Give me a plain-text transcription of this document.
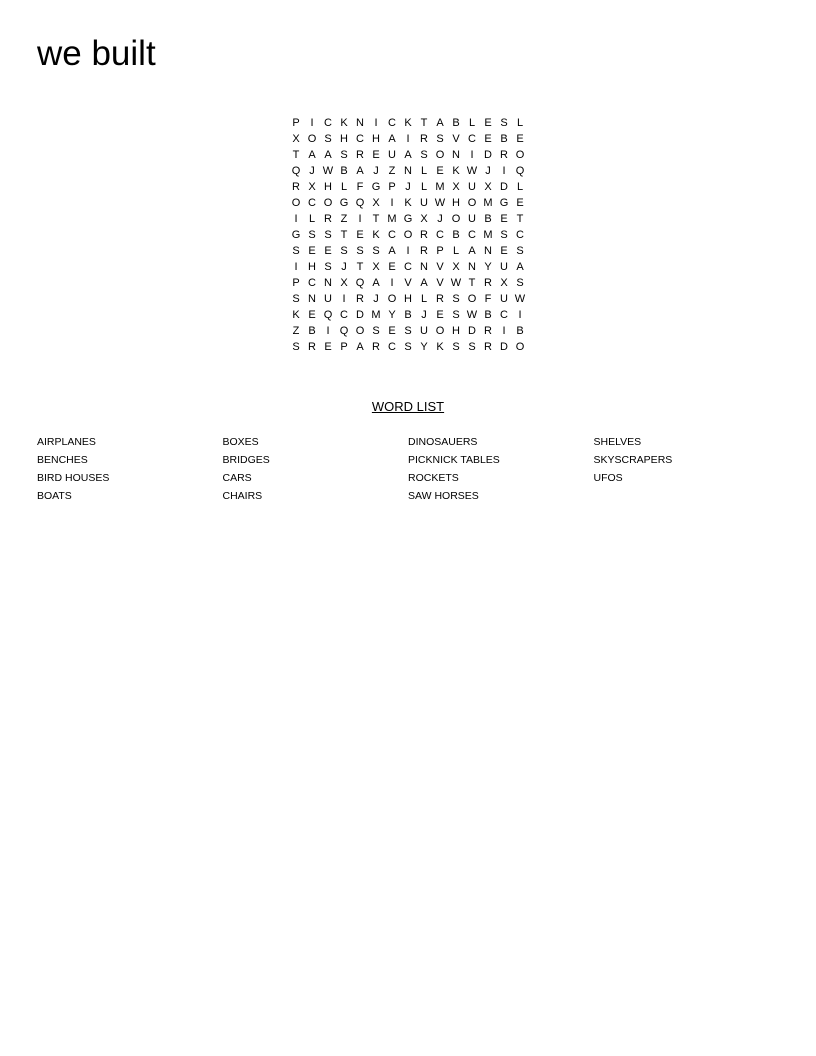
we built
P I C K N I C K T A B L E S L
X O S H C H A I R S V C E B E
T A A S R E U A S O N I D R O
Q J W B A J Z N L E K W J	I Q
R X H L F G P J L M X U X D L
O C O G Q X I K U W H O M G E
I	L R Z	I	T M G X J O U B E T
G S S T E K C O R C B C M S C
S E E S S S A I R P L A N E S
I H S J T X E C N V X N Y U A
P C N X Q A I V A V W T R X S
S N U I R J O H L R S O F U W
K E Q C D M Y B J E S W B C I
Z B I Q O S E S U O H D R I B
S R E P A R C S Y K S S R D O
WORD LIST
AIRPLANES
BENCHES
BIRD HOUSES
BOATS
BOXES
BRIDGES
CARS
CHAIRS
DINOSAUERS
PICKNICK TABLES
ROCKETS
SAW HORSES
SHELVES
SKYSCRAPERS
UFOS
